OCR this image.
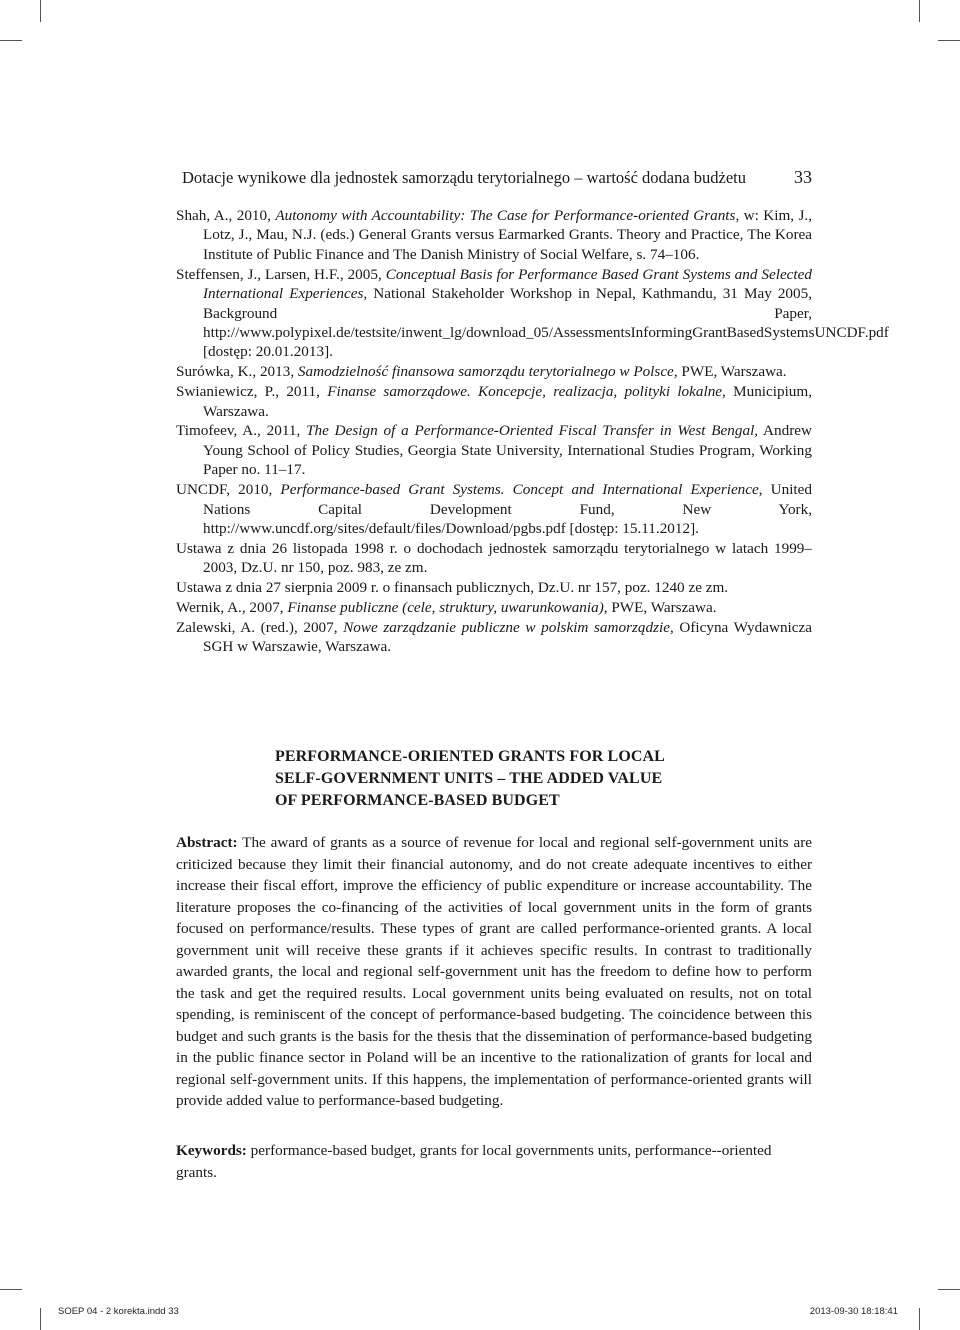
Dotacje wynikowe dla jednostek samorządu terytorialnego – wartość dodana budżetu	33
Shah, A., 2010, Autonomy with Accountability: The Case for Performance-oriented Grants, w: Kim, J., Lotz, J., Mau, N.J. (eds.) General Grants versus Earmarked Grants. Theory and Practice, The Korea Institute of Public Finance and The Danish Ministry of Social Welfare, s. 74–106.
Steffensen, J., Larsen, H.F., 2005, Conceptual Basis for Performance Based Grant Systems and Selected International Experiences, National Stakeholder Workshop in Nepal, Kathmandu, 31 May 2005, Background Paper, http://www.polypixel.de/testsite/inwent_lg/download_05/AssessmentsInformingGrantBasedSystemsUNCDF.pdf [dostęp: 20.01.2013].
Surówka, K., 2013, Samodzielność finansowa samorządu terytorialnego w Polsce, PWE, Warszawa.
Swianiewicz, P., 2011, Finanse samorządowe. Koncepcje, realizacja, polityki lokalne, Municipium, Warszawa.
Timofeev, A., 2011, The Design of a Performance-Oriented Fiscal Transfer in West Bengal, Andrew Young School of Policy Studies, Georgia State University, International Studies Program, Working Paper no. 11–17.
UNCDF, 2010, Performance-based Grant Systems. Concept and International Experience, United Nations Capital Development Fund, New York, http://www.uncdf.org/sites/default/files/Download/pgbs.pdf [dostęp: 15.11.2012].
Ustawa z dnia 26 listopada 1998 r. o dochodach jednostek samorządu terytorialnego w latach 1999–2003, Dz.U. nr 150, poz. 983, ze zm.
Ustawa z dnia 27 sierpnia 2009 r. o finansach publicznych, Dz.U. nr 157, poz. 1240 ze zm.
Wernik, A., 2007, Finanse publiczne (cele, struktury, uwarunkowania), PWE, Warszawa.
Zalewski, A. (red.), 2007, Nowe zarządzanie publiczne w polskim samorządzie, Oficyna Wydawnicza SGH w Warszawie, Warszawa.
PERFORMANCE-ORIENTED GRANTS FOR LOCAL
SELF-GOVERNMENT UNITS – THE ADDED VALUE
OF PERFORMANCE-BASED BUDGET
Abstract: The award of grants as a source of revenue for local and regional self-government units are criticized because they limit their financial autonomy, and do not create adequate incentives to either increase their fiscal effort, improve the efficiency of public expenditure or increase accountability. The literature proposes the co-financing of the activities of local government units in the form of grants focused on performance/results. These types of grant are called performance-oriented grants. A local government unit will receive these grants if it achieves specific results. In contrast to traditionally awarded grants, the local and regional self-government unit has the freedom to define how to perform the task and get the required results. Local government units being evaluated on results, not on total spending, is reminiscent of the concept of performance-based budgeting. The coincidence between this budget and such grants is the basis for the thesis that the dissemination of performance-based budgeting in the public finance sector in Poland will be an incentive to the rationalization of grants for local and regional self-government units. If this happens, the implementation of performance-oriented grants will provide added value to performance-based budgeting.
Keywords: performance-based budget, grants for local governments units, performance--oriented grants.
SOEP 04 - 2 korekta.indd 33	2013-09-30 18:18:41
